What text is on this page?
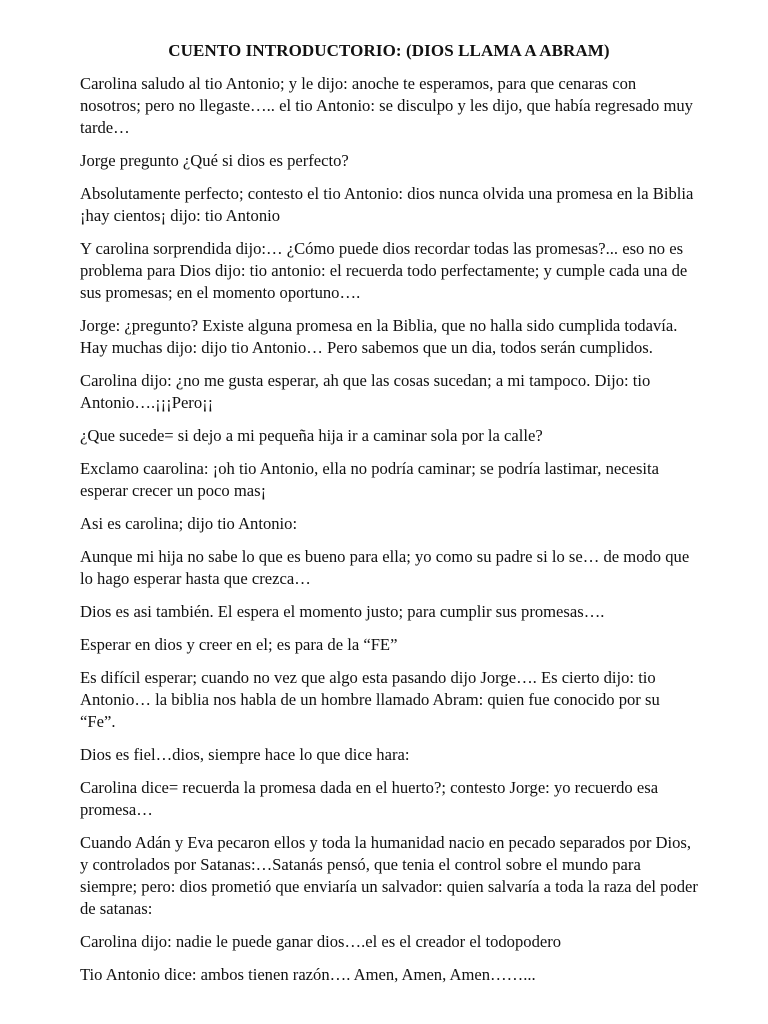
CUENTO INTRODUCTORIO: (DIOS LLAMA A ABRAM)

Carolina saludo al tio Antonio; y le dijo: anoche te esperamos, para que cenaras con nosotros; pero no llegaste….. el tio Antonio: se disculpo y les dijo, que había regresado muy tarde…

Jorge pregunto ¿Qué si dios es perfecto?

Absolutamente perfecto; contesto el tio Antonio: dios nunca olvida una promesa en la Biblia ¡hay cientos¡ dijo: tio Antonio

Y carolina sorprendida dijo:… ¿Cómo puede dios recordar todas las promesas?... eso no es problema para Dios dijo: tio antonio: el recuerda todo perfectamente; y cumple cada una de sus promesas; en el momento oportuno….

Jorge: ¿pregunto? Existe alguna promesa en la Biblia, que no halla sido cumplida todavía. Hay muchas dijo: dijo tio Antonio… Pero sabemos que un dia, todos serán cumplidos.

Carolina dijo: ¿no me gusta esperar, ah que las cosas sucedan; a mi tampoco. Dijo: tio Antonio….¡¡¡Pero¡¡

¿Que sucede= si dejo a mi pequeña hija ir a caminar sola por la calle?

Exclamo caarolina: ¡oh tio Antonio, ella no podría caminar; se podría lastimar, necesita esperar crecer un poco mas¡

Asi es carolina; dijo tio Antonio:

Aunque mi hija no sabe lo que es bueno para ella; yo como su padre si lo se… de modo que lo hago esperar hasta que crezca…

Dios es asi también. El espera el momento justo; para cumplir sus promesas….

Esperar en dios y creer en el; es para de la “FE”

Es difícil esperar; cuando no vez que algo esta pasando dijo Jorge…. Es cierto dijo: tio Antonio… la biblia nos habla de un hombre llamado Abram: quien fue conocido por su “Fe”.

Dios es fiel…dios, siempre hace lo que dice hara:

Carolina dice= recuerda la promesa dada en el huerto?; contesto Jorge: yo recuerdo esa promesa…

Cuando Adán y Eva pecaron ellos y toda la humanidad nacio en pecado separados por Dios, y controlados por Satanas:…Satanás pensó, que tenia el control sobre el mundo para siempre; pero: dios prometió que enviaría un salvador: quien salvaría a toda la raza del poder de satanas:

Carolina dijo: nadie le puede ganar dios….el es el creador el todopodero

Tio Antonio dice: ambos tienen razón…. Amen, Amen, Amen……...
